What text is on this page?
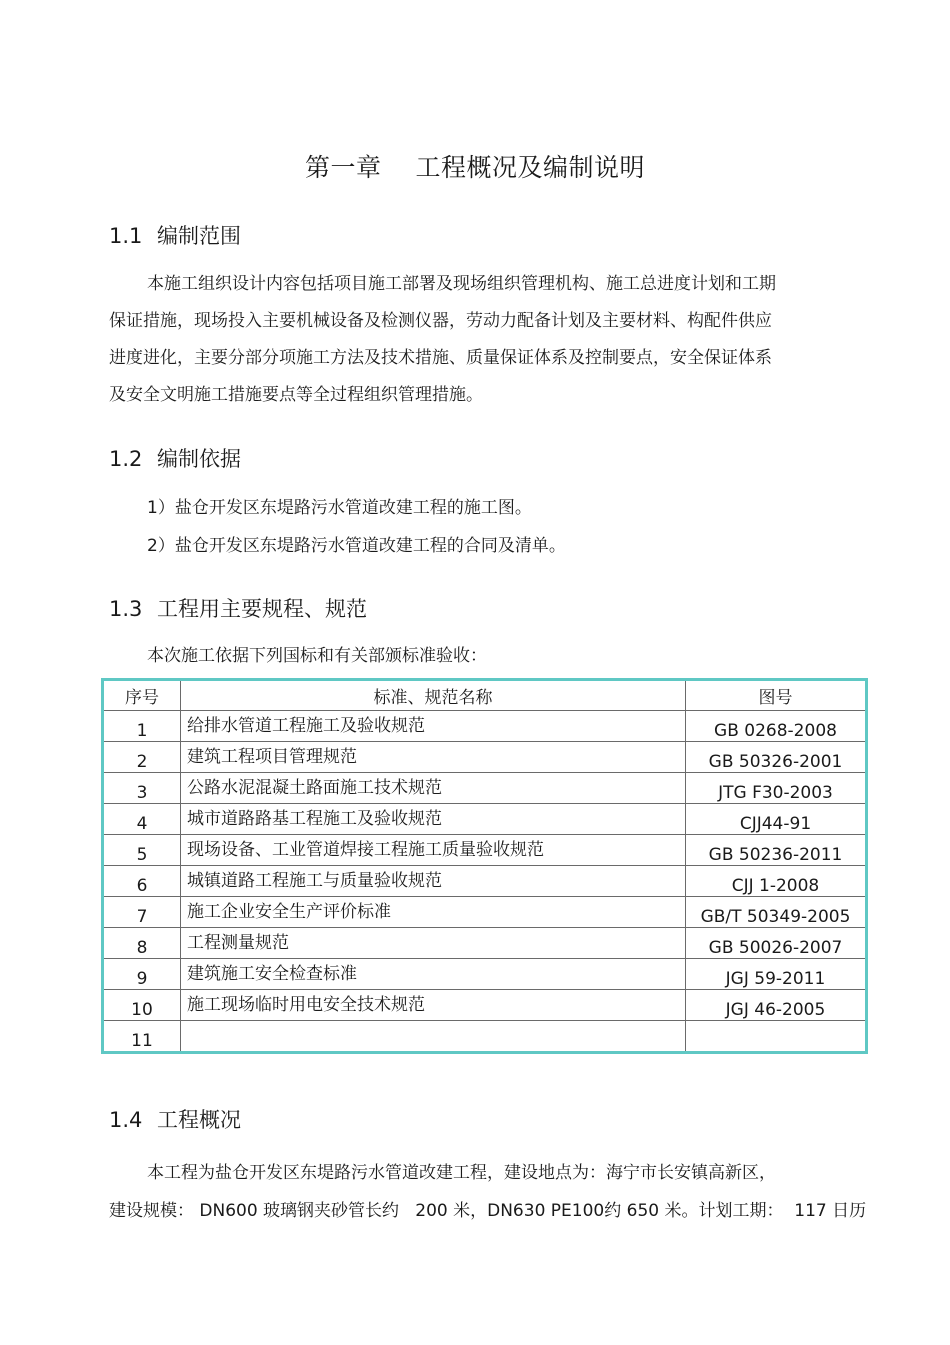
第一章 工程概况及编制说明
1.1 编制范围
本施工组织设计内容包括项目施工部署及现场组织管理机构、施工总进度计划和工期
保证措施，现场投入主要机械设备及检测仪器，劳动力配备计划及主要材料、构配件供应
进度进化，主要分部分项施工方法及技术措施、质量保证体系及控制要点，安全保证体系
及安全文明施工措施要点等全过程组织管理措施。
1.2 编制依据
1）盐仓开发区东堤路污水管道改建工程的施工图。
2）盐仓开发区东堤路污水管道改建工程的合同及清单。
1.3 工程用主要规程、规范
本次施工依据下列国标和有关部颁标准验收：
序号	标准、规范名称	图号
1	给排水管道工程施工及验收规范	GB 0268-2008
2	建筑工程项目管理规范	GB 50326-2001
3	公路水泥混凝土路面施工技术规范	JTG F30-2003
4	城市道路路基工程施工及验收规范	CJJ44-91
5	现场设备、工业管道焊接工程施工质量验收规范	GB 50236-2011
6	城镇道路工程施工与质量验收规范	CJJ 1-2008
7	施工企业安全生产评价标准	GB/T 50349-2005
8	工程测量规范	GB 50026-2007
9	建筑施工安全检查标准	JGJ 59-2011
10	施工现场临时用电安全技术规范	JGJ 46-2005
11		
1.4 工程概况
本工程为盐仓开发区东堤路污水管道改建工程，建设地点为：海宁市长安镇高新区，
建设规模： DN600 玻璃钢夹砂管长约   200 米，DN630 PE100约 650 米。计划工期：  117 日历
